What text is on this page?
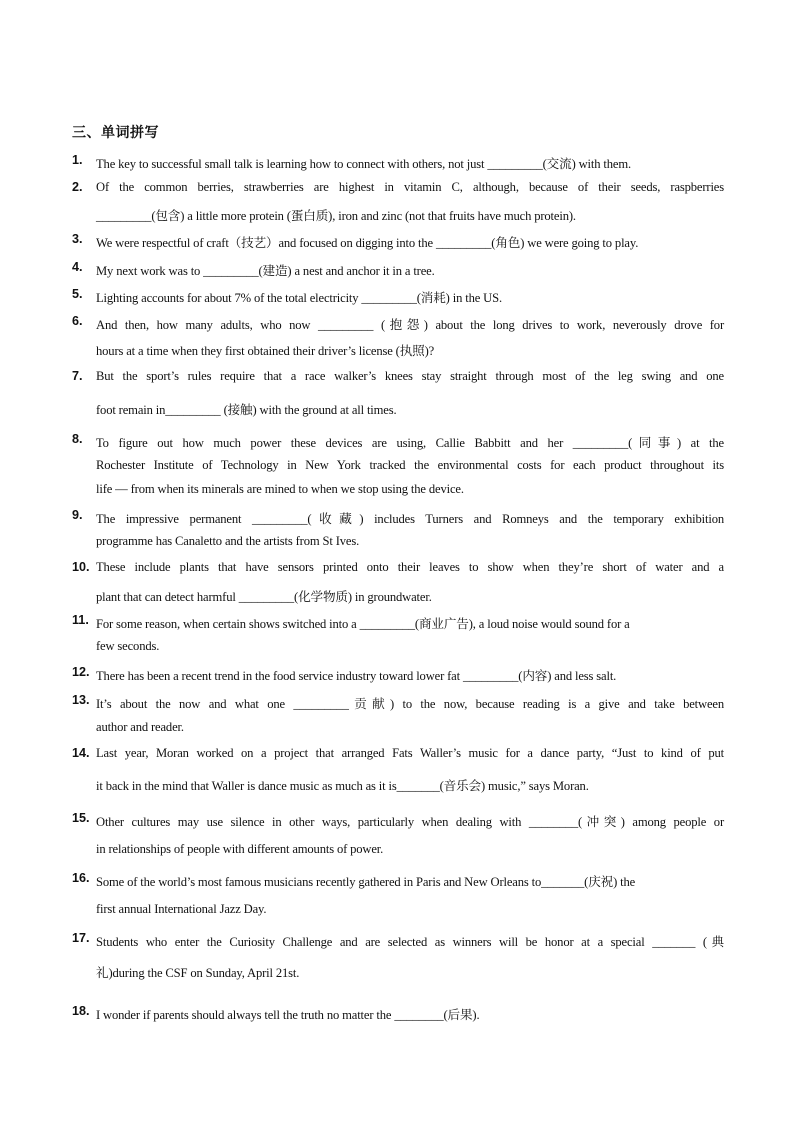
三、单词拼写
1. The key to successful small talk is learning how to connect with others, not just _________(交流) with them.
2. Of the common berries, strawberries are highest in vitamin C, although, because of their seeds, raspberries
_________(包含) a little more protein (蛋白质), iron and zinc (not that fruits have much protein).
3. We were respectful of craft（技艺）and focused on digging into the _________(角色) we were going to play.
4. My next work was to _________(建造) a nest and anchor it in a tree.
5. Lighting accounts for about 7% of the total electricity _________(消耗) in the US.
6. And then, how many adults, who now _________ (抱怨) about the long drives to work, neverously drove for
hours at a time when they first obtained their driver’s license (执照)?
7. But the sport’s rules require that a race walker’s knees stay straight through most of the leg swing and one
foot remain in_________ (接触) with the ground at all times.
8. To figure out how much power these devices are using, Callie Babbitt and her _________(同事) at the
Rochester Institute of Technology in New York tracked the environmental costs for each product throughout its
life — from when its minerals are mined to when we stop using the device.
9. The impressive permanent _________(收藏) includes Turners and Romneys and the temporary exhibition
programme has Canaletto and the artists from St Ives.
10. These include plants that have sensors printed onto their leaves to show when they’re short of water and a
plant that can detect harmful _________(化学物质) in groundwater.
11. For some reason, when certain shows switched into a _________(商业广告), a loud noise would sound for a
few seconds.
12. There has been a recent trend in the food service industry toward lower fat _________(内容) and less salt.
13. It’s about the now and what one _________贡献) to the now, because reading is a give and take between
author and reader.
14. Last year, Moran worked on a project that arranged Fats Waller’s music for a dance party, “Just to kind of put
it back in the mind that Waller is dance music as much as it is_______(音乐会) music,” says Moran.
15. Other cultures may use silence in other ways, particularly when dealing with ________(冲突) among people or
in relationships of people with different amounts of power.
16. Some of the world’s most famous musicians recently gathered in Paris and New Orleans to_______(庆祝) the
first annual International Jazz Day.
17. Students who enter the Curiosity Challenge and are selected as winners will be honor at a special _______ (典
礼)during the CSF on Sunday, April 21st.
18. I wonder if parents should always tell the truth no matter the ________(后果).
